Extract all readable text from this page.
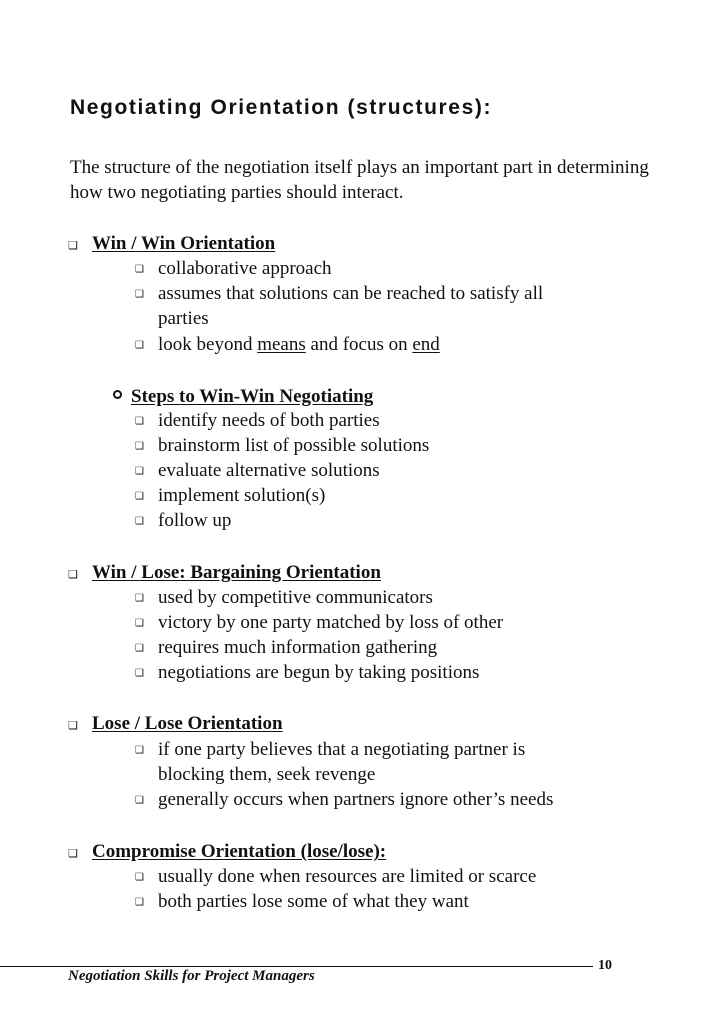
Negotiating Orientation (structures):
The structure of the negotiation itself plays an important part in determining how two negotiating parties should interact.
❑ Win / Win Orientation
❑ collaborative approach
❑ assumes that solutions can be reached to satisfy all
parties
❑ look beyond means and focus on end
Steps to Win-Win Negotiating
❑ identify needs of both parties
❑ brainstorm list of possible solutions
❑ evaluate alternative solutions
❑ implement solution(s)
❑ follow up
❑ Win / Lose: Bargaining Orientation
❑ used by competitive communicators
❑ victory by one party matched by loss of other
❑ requires much information gathering
❑ negotiations are begun by taking positions
❑ Lose / Lose Orientation
❑ if one party believes that a negotiating partner is
blocking them, seek revenge
❑ generally occurs when partners ignore other’s needs
❑ Compromise Orientation (lose/lose):
❑ usually done when resources are limited or scarce
❑ both parties lose some of what they want
Negotiation Skills for Project Managers
10
